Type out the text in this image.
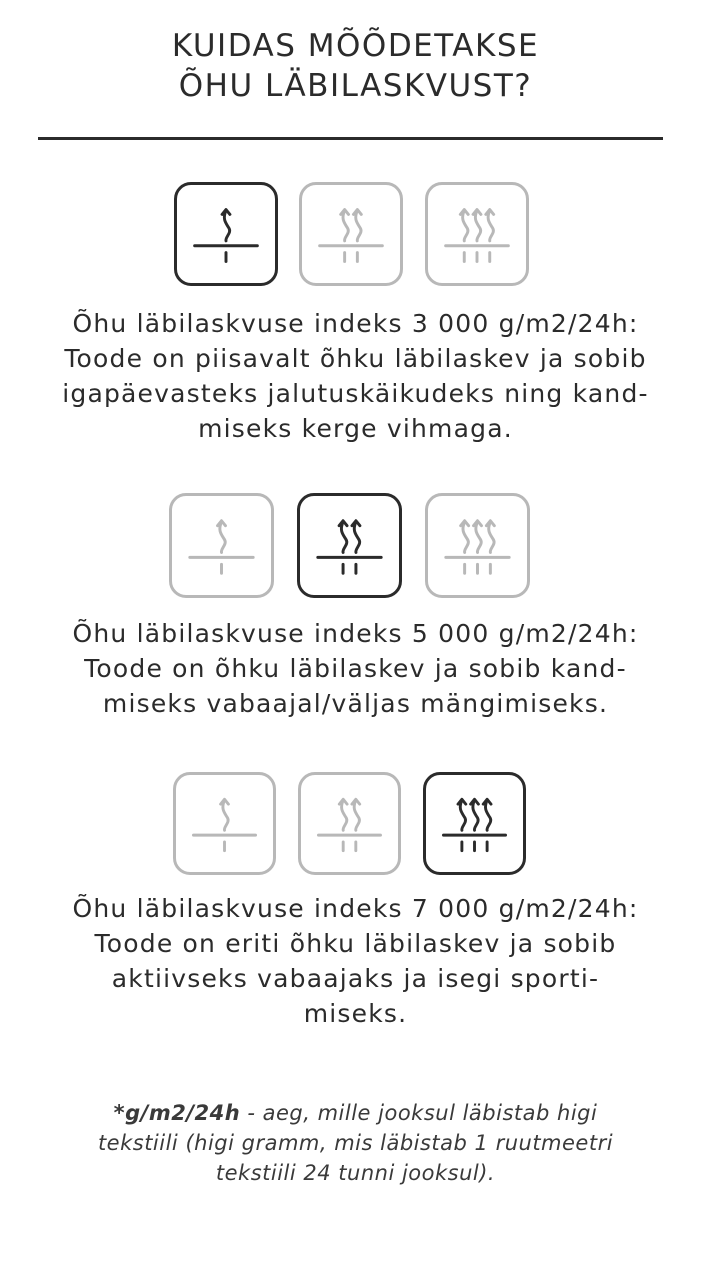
KUIDAS MÕÕDETAKSE
ÕHU LÄBILASKVUST?
Õhu läbilaskvuse indeks 3 000 g/m2/24h:
Toode on piisavalt õhku läbilaskev ja sobib
igapäevasteks jalutuskäikudeks ning kand-
miseks kerge vihmaga.
Õhu läbilaskvuse indeks 5 000 g/m2/24h:
Toode on õhku läbilaskev ja sobib kand-
miseks vabaajal/väljas mängimiseks.
Õhu läbilaskvuse indeks 7 000 g/m2/24h:
Toode on eriti õhku läbilaskev ja sobib
aktiivseks vabaajaks ja isegi sporti-
miseks.
*g/m2/24h - aeg, mille jooksul läbistab higi
tekstiili (higi gramm, mis läbistab 1 ruutmeetri
tekstiili 24 tunni jooksul).
